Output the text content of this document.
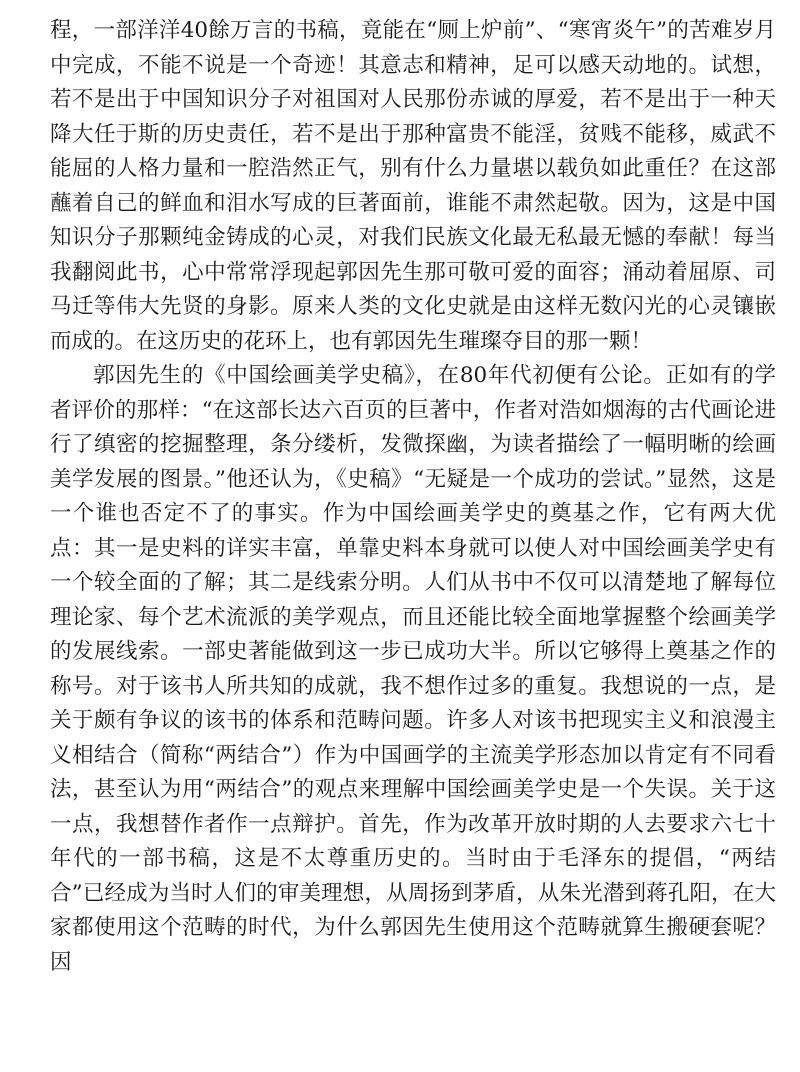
程，一部洋洋40餘万言的书稿，竟能在“厕上炉前”、“寒宵炎午”的苦难岁月中完成，不能不说是一个奇迹！其意志和精神，足可以感天动地的。试想，若不是出于中国知识分子对祖国对人民那份赤诚的厚爱，若不是出于一种天降大任于斯的历史责任，若不是出于那种富贵不能淫，贫贱不能移，威武不能屈的人格力量和一腔浩然正气，别有什么力量堪以载负如此重任？在这部蘸着自己的鲜血和泪水写成的巨著面前，谁能不肃然起敬。因为，这是中国知识分子那颗纯金铸成的心灵，对我们民族文化最无私最无憾的奉献！每当我翻阅此书，心中常常浮现起郭因先生那可敬可爱的面容；涌动着屈原、司马迁等伟大先贤的身影。原来人类的文化史就是由这样无数闪光的心灵镶嵌而成的。在这历史的花环上，也有郭因先生璀璨夺目的那一颗！

郭因先生的《中国绘画美学史稿》，在80年代初便有公论。正如有的学者评价的那样：“在这部长达六百页的巨著中，作者对浩如烟海的古代画论进行了缜密的挖掘整理，条分缕析，发微探幽，为读者描绘了一幅明晰的绘画美学发展的图景。”他还认为，《史稿》“无疑是一个成功的尝试。”显然，这是一个谁也否定不了的事实。作为中国绘画美学史的奠基之作，它有两大优点：其一是史料的详实丰富，单靠史料本身就可以使人对中国绘画美学史有一个较全面的了解；其二是线索分明。人们从书中不仅可以清楚地了解每位理论家、每个艺术流派的美学观点，而且还能比较全面地掌握整个绘画美学的发展线索。一部史著能做到这一步已成功大半。所以它够得上奠基之作的称号。对于该书人所共知的成就，我不想作过多的重复。我想说的一点，是关于颇有争议的该书的体系和范畴问题。许多人对该书把现实主义和浪漫主义相结合（简称“两结合”）作为中国画学的主流美学形态加以肯定有不同看法，甚至认为用“两结合”的观点来理解中国绘画美学史是一个失误。关于这一点，我想替作者作一点辩护。首先，作为改革开放时期的人去要求六七十年代的一部书稿，这是不太尊重历史的。当时由于毛泽东的提倡，“两结合”已经成为当时人们的审美理想，从周扬到茅盾，从朱光潜到蒋孔阳，在大家都使用这个范畴的时代，为什么郭因先生使用这个范畴就算生搬硬套呢？因
